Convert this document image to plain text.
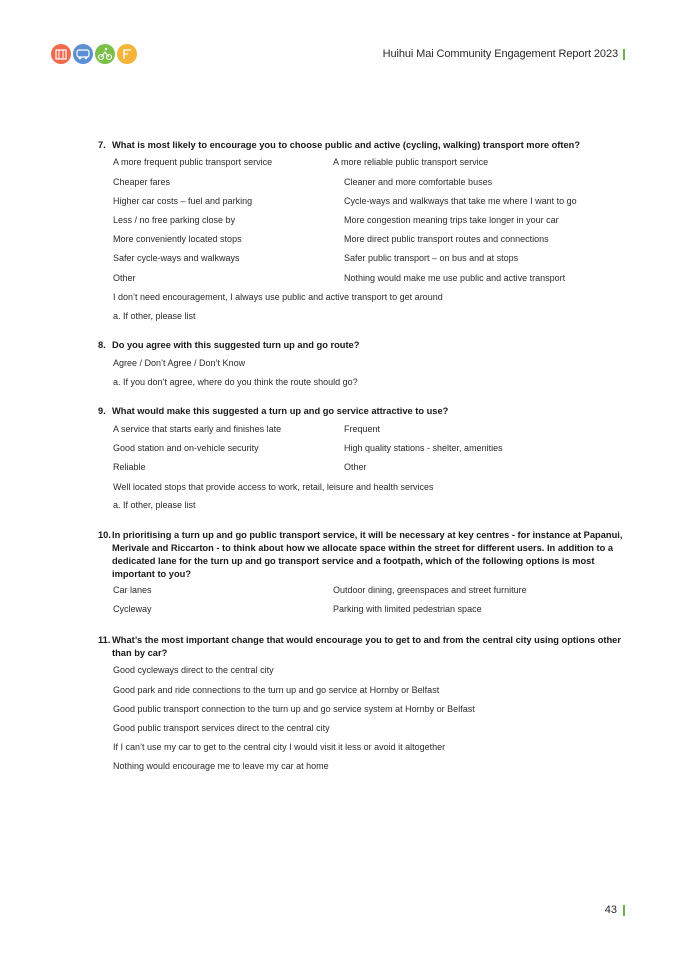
Huihui Mai Community Engagement Report 2023
7. What is most likely to encourage you to choose public and active (cycling, walking) transport more often?
A more frequent public transport service	A more reliable public transport service
Cheaper fares	Cleaner and more comfortable buses
Higher car costs – fuel and parking	Cycle-ways and walkways that take me where I want to go
Less / no free parking close by	More congestion meaning trips take longer in your car
More conveniently located stops	More direct public transport routes and connections
Safer cycle-ways and walkways	Safer public transport – on bus and at stops
Other	Nothing would make me use public and active transport
I don’t need encouragement, I always use public and active transport to get around
a. If other, please list
8. Do you agree with this suggested turn up and go route?
Agree / Don’t Agree / Don’t Know
a. If you don’t agree, where do you think the route should go?
9. What would make this suggested a turn up and go service attractive to use?
A service that starts early and finishes late	Frequent
Good station and on-vehicle security	High quality stations - shelter, amenities
Reliable	Other
Well located stops that provide access to work, retail, leisure and health services
a. If other, please list
10. In prioritising a turn up and go public transport service, it will be necessary at key centres - for instance at Papanui, Merivale and Riccarton - to think about how we allocate space within the street for different users. In addition to a dedicated lane for the turn up and go transport service and a footpath, which of the following options is most important to you?
Car lanes	Outdoor dining, greenspaces and street furniture
Cycleway	Parking with limited pedestrian space
11. What’s the most important change that would encourage you to get to and from the central city using options other than by car?
Good cycleways direct to the central city
Good park and ride connections to the turn up and go service at Hornby or Belfast
Good public transport connection to the turn up and go service system at Hornby or Belfast
Good public transport services direct to the central city
If I can’t use my car to get to the central city I would visit it less or avoid it altogether
Nothing would encourage me to leave my car at home
43
